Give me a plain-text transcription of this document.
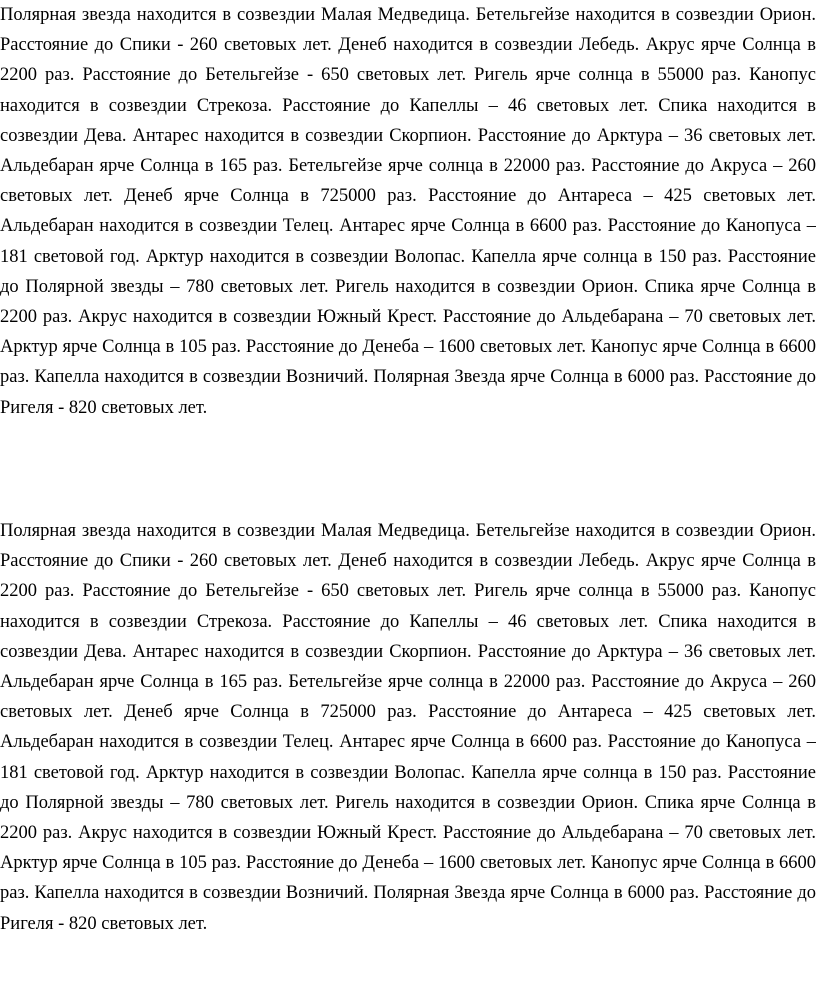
Полярная звезда находится в созвездии Малая Медведица. Бетельгейзе находится в созвездии Орион. Расстояние до Спики - 260 световых лет. Денеб находится в созвездии Лебедь. Акрус ярче Солнца в 2200 раз. Расстояние до Бетельгейзе - 650 световых лет. Ригель ярче солнца в 55000 раз. Канопус находится в созвездии Стрекоза. Расстояние до Капеллы – 46 световых лет. Спика находится в созвездии Дева. Антарес находится в созвездии Скорпион. Расстояние до Арктура – 36 световых лет. Альдебаран ярче Солнца в 165 раз. Бетельгейзе ярче солнца в 22000 раз. Расстояние до Акруса – 260 световых лет. Денеб ярче Солнца в 725000 раз. Расстояние до Антареса – 425 световых лет. Альдебаран находится в созвездии Телец. Антарес ярче Солнца в 6600 раз. Расстояние до Канопуса – 181 световой год. Арктур находится в созвездии Волопас. Капелла ярче солнца в 150 раз. Расстояние до Полярной звезды – 780 световых лет. Ригель находится в созвездии Орион. Спика ярче Солнца в 2200 раз. Акрус находится в созвездии Южный Крест. Расстояние до Альдебарана – 70 световых лет. Арктур ярче Солнца в 105 раз. Расстояние до Денеба – 1600 световых лет. Канопус ярче Солнца в 6600 раз. Капелла находится в созвездии Возничий. Полярная Звезда ярче Солнца в 6000 раз. Расстояние до Ригеля - 820 световых лет.

Полярная звезда находится в созвездии Малая Медведица. Бетельгейзе находится в созвездии Орион. Расстояние до Спики - 260 световых лет. Денеб находится в созвездии Лебедь. Акрус ярче Солнца в 2200 раз. Расстояние до Бетельгейзе - 650 световых лет. Ригель ярче солнца в 55000 раз. Канопус находится в созвездии Стрекоза. Расстояние до Капеллы – 46 световых лет. Спика находится в созвездии Дева. Антарес находится в созвездии Скорпион. Расстояние до Арктура – 36 световых лет. Альдебаран ярче Солнца в 165 раз. Бетельгейзе ярче солнца в 22000 раз. Расстояние до Акруса – 260 световых лет. Денеб ярче Солнца в 725000 раз. Расстояние до Антареса – 425 световых лет. Альдебаран находится в созвездии Телец. Антарес ярче Солнца в 6600 раз. Расстояние до Канопуса – 181 световой год. Арктур находится в созвездии Волопас. Капелла ярче солнца в 150 раз. Расстояние до Полярной звезды – 780 световых лет. Ригель находится в созвездии Орион. Спика ярче Солнца в 2200 раз. Акрус находится в созвездии Южный Крест. Расстояние до Альдебарана – 70 световых лет. Арктур ярче Солнца в 105 раз. Расстояние до Денеба – 1600 световых лет. Канопус ярче Солнца в 6600 раз. Капелла находится в созвездии Возничий. Полярная Звезда ярче Солнца в 6000 раз. Расстояние до Ригеля - 820 световых лет.
